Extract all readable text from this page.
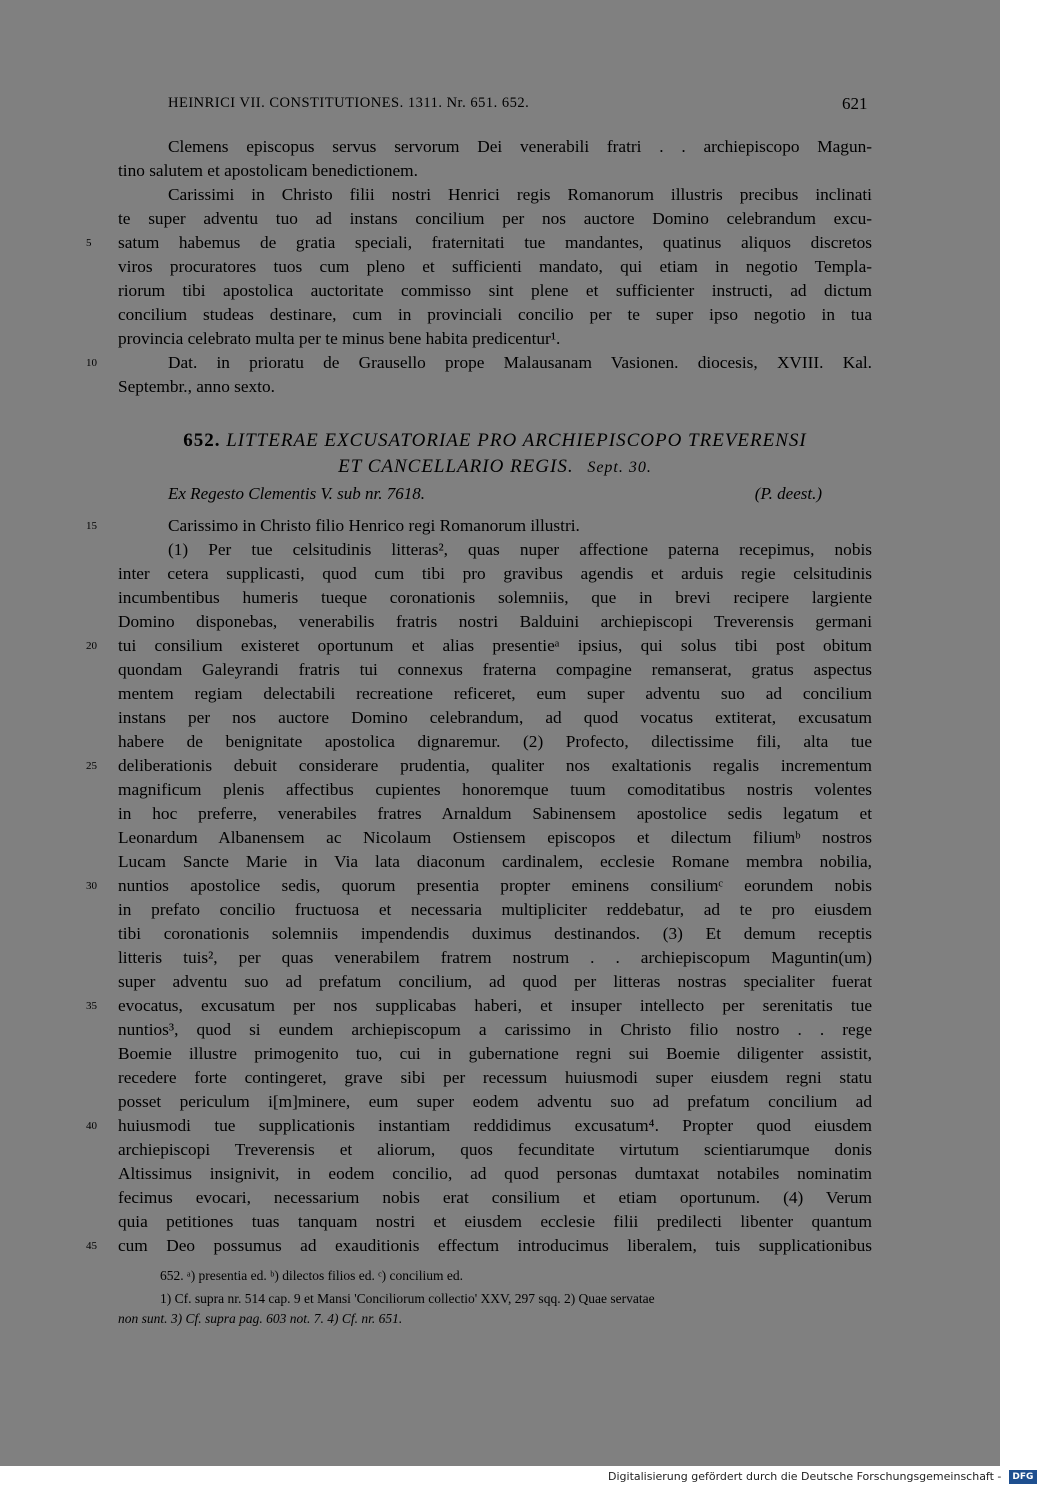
HEINRICI VII. CONSTITUTIONES. 1311. Nr. 651. 652.	621
Clemens episcopus servus servorum Dei venerabili fratri . . archiepiscopo Magun-
tino salutem et apostolicam benedictionem.
Carissimi in Christo filii nostri Henrici regis Romanorum illustris precibus inclinati
te super adventu tuo ad instans concilium per nos auctore Domino celebrandum excu-
5	satum habemus de gratia speciali, fraternitati tue mandantes, quatinus aliquos discretos
viros procuratores tuos cum pleno et sufficienti mandato, qui etiam in negotio Templa-
riorum tibi apostolica auctoritate commisso sint plene et sufficienter instructi, ad dictum
concilium studeas destinare, cum in provinciali concilio per te super ipso negotio in tua
provincia celebrato multa per te minus bene habita predicentur¹.
10	Dat. in prioratu de Grausello prope Malausanam Vasionen. diocesis, XVIII. Kal.
Septembr., anno sexto.
652. LITTERAE EXCUSATORIAE PRO ARCHIEPISCOPO TREVERENSI
ET CANCELLARIO REGIS. Sept. 30.
Ex Regesto Clementis V. sub nr. 7618.	(P. deest.)
15	Carissimo in Christo filio Henrico regi Romanorum illustri.
(1) Per tue celsitudinis litteras², quas nuper affectione paterna recepimus, nobis
inter cetera supplicasti, quod cum tibi pro gravibus agendis et arduis regie celsitudinis
incumbentibus humeris tueque coronationis solemniis, que in brevi recipere largiente
Domino disponebas, venerabilis fratris nostri Balduini archiepiscopi Treverensis germani
20	tui consilium existeret oportunum et alias presentieᵃ ipsius, qui solus tibi post obitum
quondam Galeyrandi fratris tui connexus fraterna compagine remanserat, gratus aspectus
mentem regiam delectabili recreatione reficeret, eum super adventu suo ad concilium
instans per nos auctore Domino celebrandum, ad quod vocatus extiterat, excusatum
habere de benignitate apostolica dignaremur. (2) Profecto, dilectissime fili, alta tue
25	deliberationis debuit considerare prudentia, qualiter nos exaltationis regalis incrementum
magnificum plenis affectibus cupientes honoremque tuum comoditatibus nostris volentes
in hoc preferre, venerabiles fratres Arnaldum Sabinensem apostolice sedis legatum et
Leonardum Albanensem ac Nicolaum Ostiensem episcopos et dilectum filiumᵇ nostros
Lucam Sancte Marie in Via lata diaconum cardinalem, ecclesie Romane membra nobilia,
30	nuntios apostolice sedis, quorum presentia propter eminens consiliumᶜ eorundem nobis
in prefato concilio fructuosa et necessaria multipliciter reddebatur, ad te pro eiusdem
tibi coronationis solemniis impendendis duximus destinandos. (3) Et demum receptis
litteris tuis², per quas venerabilem fratrem nostrum . . archiepiscopum Maguntin(um)
super adventu suo ad prefatum concilium, ad quod per litteras nostras specialiter fuerat
35	evocatus, excusatum per nos supplicabas haberi, et insuper intellecto per serenitatis tue
nuntios³, quod si eundem archiepiscopum a carissimo in Christo filio nostro . . rege
Boemie illustre primogenito tuo, cui in gubernatione regni sui Boemie diligenter assistit,
recedere forte contingeret, grave sibi per recessum huiusmodi super eiusdem regni statu
posset periculum i[m]minere, eum super eodem adventu suo ad prefatum concilium ad
40	huiusmodi tue supplicationis instantiam reddidimus excusatum⁴. Propter quod eiusdem
archiepiscopi Treverensis et aliorum, quos fecunditate virtutum scientiarumque donis
Altissimus insignivit, in eodem concilio, ad quod personas dumtaxat notabiles nominatim
fecimus evocari, necessarium nobis erat consilium et etiam oportunum. (4) Verum
quia petitiones tuas tanquam nostri et eiusdem ecclesie filii predilecti libenter quantum
45	cum Deo possumus ad exauditionis effectum introducimus liberalem, tuis supplicationibus
652. ᵃ) presentia ed. ᵇ) dilectos filios ed. ᶜ) concilium ed.
1) Cf. supra nr. 514 cap. 9 et Mansi 'Conciliorum collectio' XXV, 297 sqq. 2) Quae servatae
non sunt. 3) Cf. supra pag. 603 not. 7. 4) Cf. nr. 651.
Digitalisierung gefördert durch die Deutsche Forschungsgemeinschaft - DFG
